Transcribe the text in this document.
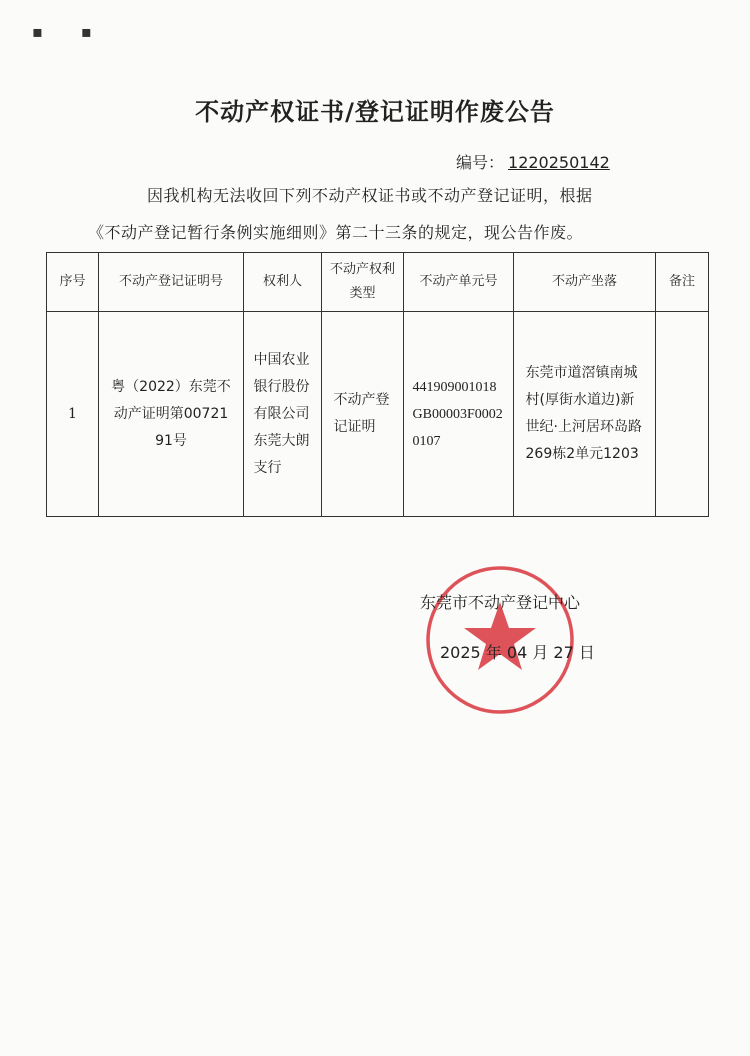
▪ ▪
不动产权证书/登记证明作废公告
编号： 1220250142
因我机构无法收回下列不动产权证书或不动产登记证明，根据
《不动产登记暂行条例实施细则》第二十三条的规定，现公告作废。
序号	不动产登记证明号	权利人	不动产权利类型	不动产单元号	不动产坐落	备注
1	粤（2022）东莞不动产证明第0072191号	中国农业银行股份有限公司东莞大朗支行	不动产登记证明	441909001018GB00003F00020107	东莞市道滘镇南城村(厚街水道边)新世纪·上河居环岛路269栋2单元1203	
东莞市不动产登记中心
2025 年 04 月 27 日
